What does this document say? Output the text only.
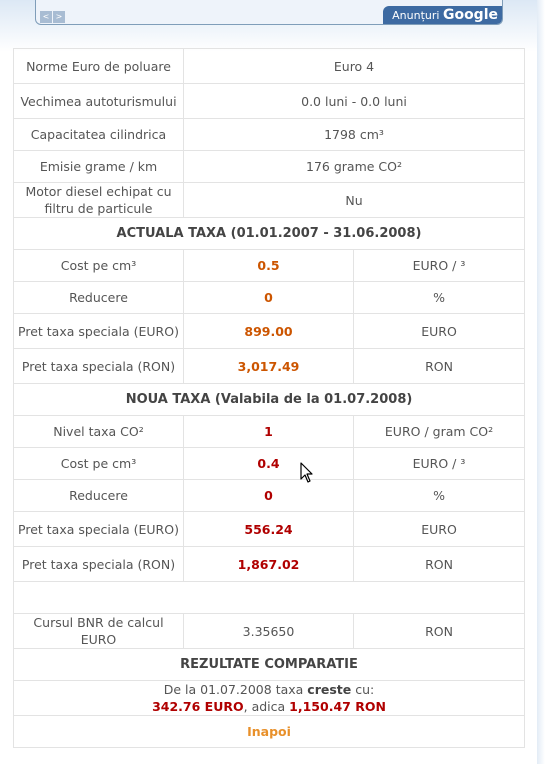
< >	Anunțuri Google
Norme Euro de poluare	Euro 4	
Vechimea autoturismului	0.0 luni - 0.0 luni	
Capacitatea cilindrica	1798 cm³	
Emisie grame / km	176 grame CO²	
Motor diesel echipat cu filtru de particule	Nu	
ACTUALA TAXA (01.01.2007 - 31.06.2008)		
Cost pe cm³	0.5	EURO / ³
Reducere	0	%
Pret taxa speciala (EURO)	899.00	EURO
Pret taxa speciala (RON)	3,017.49	RON
NOUA TAXA (Valabila de la 01.07.2008)		
Nivel taxa CO²	1	EURO / gram CO²
Cost pe cm³	0.4	EURO / ³
Reducere	0	%
Pret taxa speciala (EURO)	556.24	EURO
Pret taxa speciala (RON)	1,867.02	RON

Cursul BNR de calcul EURO	3.35650	RON
REZULTATE COMPARATIE		
De la 01.07.2008 taxa creste cu:
342.76 EURO, adica 1,150.47 RON		
Inapoi		
